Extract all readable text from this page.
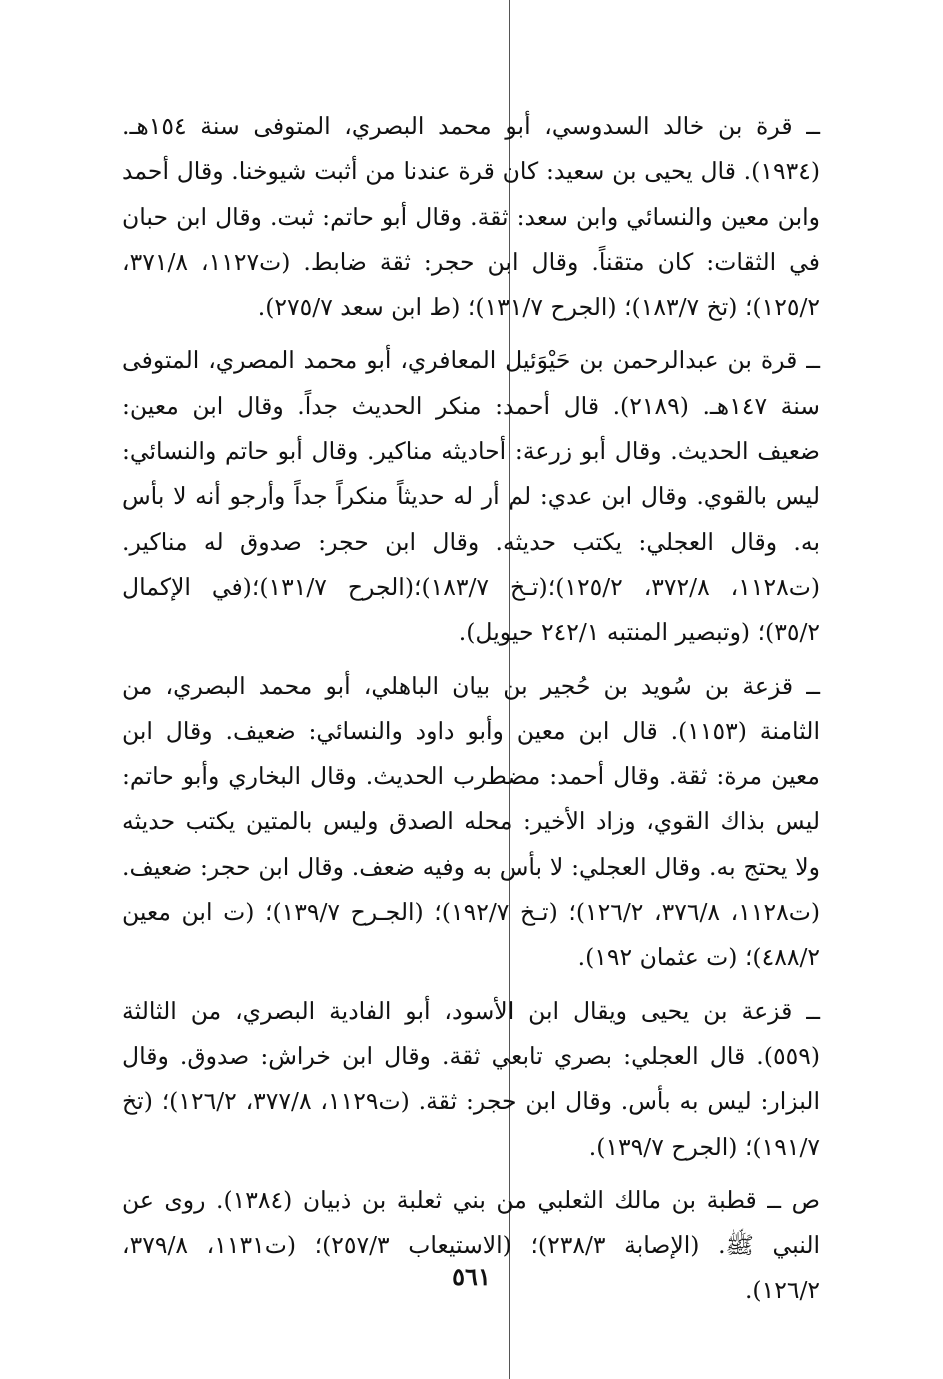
ــ قرة بن خالد السدوسي، أبو محمد البصري، المتوفى سنة ١٥٤هـ. (١٩٣٤). قال يحيى بن سعيد: كان قرة عندنا من أثبت شيوخنا. وقال أحمد وابن معين والنسائي وابن سعد: ثقة. وقال أبو حاتم: ثبت. وقال ابن حبان في الثقات: كان متقناً. وقال ابن حجر: ثقة ضابط. (ت١١٢٧، ٣٧١/٨، ١٢٥/٢)؛ (تخ ١٨٣/٧)؛ (الجرح ١٣١/٧)؛ (ط ابن سعد ٢٧٥/٧).

ــ قرة بن عبدالرحمن بن حَيْوَئيل المعافري، أبو محمد المصري، المتوفى سنة ١٤٧هـ. (٢١٨٩). قال أحمد: منكر الحديث جداً. وقال ابن معين: ضعيف الحديث. وقال أبو زرعة: أحاديثه مناكير. وقال أبو حاتم والنسائي: ليس بالقوي. وقال ابن عدي: لم أر له حديثاً منكراً جداً وأرجو أنه لا بأس به. وقال العجلي: يكتب حديثه. وقال ابن حجر: صدوق له مناكير. (ت١١٢٨، ٣٧٢/٨، ١٢٥/٢)؛(تـخ ١٨٣/٧)؛(الجرح ١٣١/٧)؛(في الإكمال ٣٥/٢)؛ (وتبصير المنتبه ٢٤٢/١ حيويل).

ــ قزعة بن سُويد بن حُجير بن بيان الباهلي، أبو محمد البصري، من الثامنة (١١٥٣). قال ابن معين وأبو داود والنسائي: ضعيف. وقال ابن معين مرة: ثقة. وقال أحمد: مضطرب الحديث. وقال البخاري وأبو حاتم: ليس بذاك القوي، وزاد الأخير: محله الصدق وليس بالمتين يكتب حديثه ولا يحتج به. وقال العجلي: لا بأس به وفيه ضعف. وقال ابن حجر: ضعيف. (ت١١٢٨، ٣٧٦/٨، ١٢٦/٢)؛ (تـخ ١٩٢/٧)؛ (الجـرح ١٣٩/٧)؛ (ت ابن معين ٤٨٨/٢)؛ (ت عثمان ١٩٢).

ــ قزعة بن يحيى ويقال ابن الأسود، أبو الفادية البصري، من الثالثة (٥٥٩). قال العجلي: بصري تابعي ثقة. وقال ابن خراش: صدوق. وقال البزار: ليس به بأس. وقال ابن حجر: ثقة. (ت١١٢٩، ٣٧٧/٨، ١٢٦/٢)؛ (تخ ١٩١/٧)؛ (الجرح ١٣٩/٧).

ص ــ قطبة بن مالك الثعلبي من بني ثعلبة بن ذبيان (١٣٨٤). روى عن النبي ﷺ. (الإصابة ٢٣٨/٣)؛ (الاستيعاب ٢٥٧/٣)؛ (ت١١٣١، ٣٧٩/٨، ١٢٦/٢).

٥٦١
